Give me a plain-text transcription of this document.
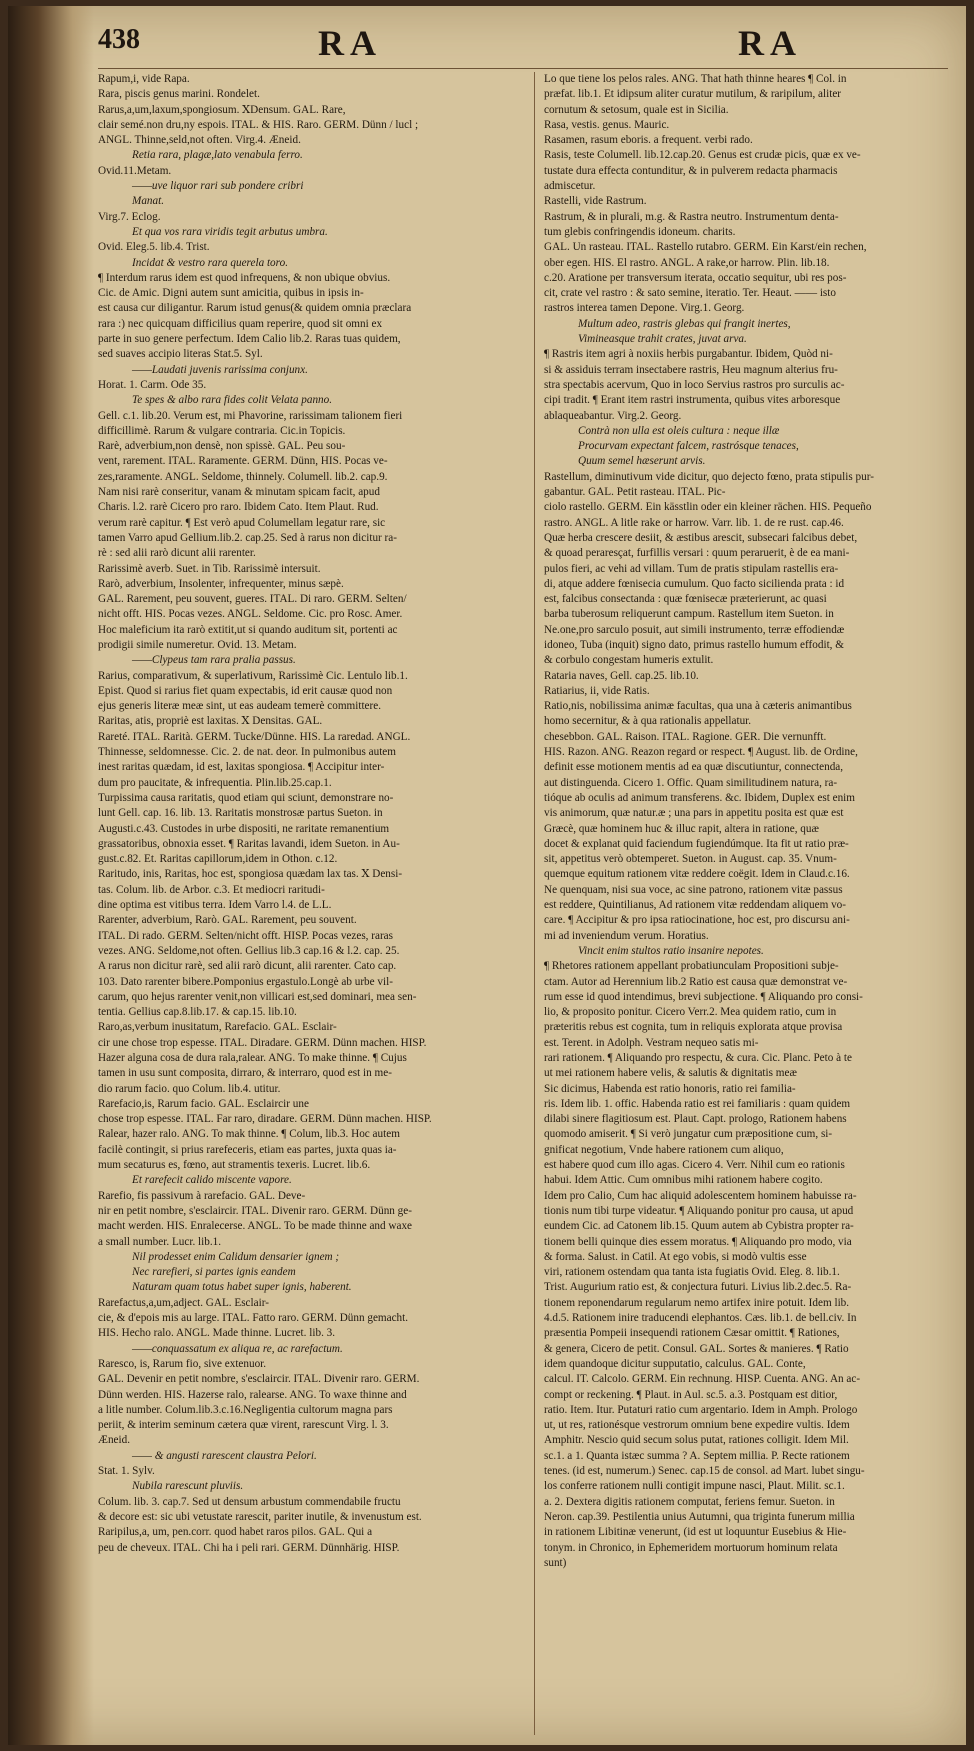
438	RA	RA
Rapum,i, vide Rapa.
Rara, piscis genus marini. Rondelet.
Rarus,a,um,laxum,spongiosum. ⅩDensum. GAL. Rare,
clair semé.non dru,ny espois. ITAL. & HIS. Raro. GERM. Dünn / lucl ;
ANGL. Thinne,seld,not often. Virg.4. Æneid.
Retia rara, plagæ,lato venabula ferro.
Ovid.11.Metam.
——uve liquor rari sub pondere cribri
Manat.
Virg.7. Eclog.
Et qua vos rara viridis tegit arbutus umbra.
Ovid. Eleg.5. lib.4. Trist.
Incidat & vestro rara querela toro.
¶ Interdum rarus idem est quod infrequens, & non ubique obvius.
Cic. de Amic. Digni autem sunt amicitia, quibus in ipsis in-
est causa cur diligantur. Rarum istud genus(& quidem omnia præclara
rara :) nec quicquam difficilius quam reperire, quod sit omni ex
parte in suo genere perfectum. Idem Calio lib.2. Raras tuas quidem,
sed suaves accipio literas Stat.5. Syl.
——Laudati juvenis rarissima conjunx.
Horat. 1. Carm. Ode 35.
Te spes & albo rara fides colit Velata panno.
Gell. c.1. lib.20. Verum est, mi Phavorine, rarissimam talionem fieri
difficillimè. Rarum & vulgare contraria. Cic.in Topicis.
Rarè, adverbium,non densè, non spissè. GAL. Peu sou-
vent, rarement. ITAL. Raramente. GERM. Dünn, HIS. Pocas ve-
zes,raramente. ANGL. Seldome, thinnely. Columell. lib.2. cap.9.
Nam nisi rarè conseritur, vanam & minutam spicam facit, apud
Charis. l.2. rarè Cicero pro raro. Ibidem Cato. Item Plaut. Rud.
verum rarè capitur. ¶ Est verò apud Columellam legatur rare, sic
tamen Varro apud Gellium.lib.2. cap.25. Sed à rarus non dicitur ra-
rè : sed alii rarò dicunt alii rarenter.
Rarissimè averb. Suet. in Tib. Rarissimè intersuit.
Rarò, adverbium, Insolenter, infrequenter, minus sæpè.
GAL. Rarement, peu souvent, gueres. ITAL. Di raro. GERM. Selten/
nicht offt. HIS. Pocas vezes. ANGL. Seldome. Cic. pro Rosc. Amer.
Hoc maleficium ita rarò extitit,ut si quando auditum sit, portenti ac
prodigii simile numeretur. Ovid. 13. Metam.
——Clypeus tam rara pralia passus.
Rarius, comparativum, & superlativum, Rarissimè Cic. Lentulo lib.1.
Epist. Quod si rarius fiet quam expectabis, id erit causæ quod non
ejus generis literæ meæ sint, ut eas audeam temerè committere.
Raritas, atis, propriè est laxitas. Ⅹ Densitas. GAL.
Rareté. ITAL. Rarità. GERM. Tucke/Dünne. HIS. La raredad. ANGL.
Thinnesse, seldomnesse. Cic. 2. de nat. deor. In pulmonibus autem
inest raritas quædam, id est, laxitas spongiosa. ¶ Accipitur inter-
dum pro paucitate, & infrequentia. Plin.lib.25.cap.1.
Turpissima causa raritatis, quod etiam qui sciunt, demonstrare no-
lunt Gell. cap. 16. lib. 13. Raritatis monstrosæ partus Sueton. in
Augusti.c.43. Custodes in urbe dispositi, ne raritate remanentium
grassatoribus, obnoxia esset. ¶ Raritas lavandi, idem Sueton. in Au-
gust.c.82. Et. Raritas capillorum,idem in Othon. c.12.
Raritudo, inis, Raritas, hoc est, spongiosa quædam lax tas. Ⅹ Densi-
tas. Colum. lib. de Arbor. c.3. Et mediocri raritudi-
dine optima est vitibus terra. Idem Varro l.4. de L.L.
Rarenter, adverbium, Rarò. GAL. Rarement, peu souvent.
ITAL. Di rado. GERM. Selten/nicht offt. HISP. Pocas vezes, raras
vezes. ANG. Seldome,not often. Gellius lib.3 cap.16 & l.2. cap. 25.
A rarus non dicitur rarè, sed alii rarò dicunt, alii rarenter. Cato cap.
103. Dato rarenter bibere.Pomponius ergastulo.Longè ab urbe vil-
carum, quo hejus rarenter venit,non villicari est,sed dominari, mea sen-
tentia. Gellius cap.8.lib.17. & cap.15. lib.10.
Raro,as,verbum inusitatum, Rarefacio. GAL. Esclair-
cir une chose trop espesse. ITAL. Diradare. GERM. Dünn machen. HISP.
Hazer alguna cosa de dura rala,ralear. ANG. To make thinne. ¶ Cujus
tamen in usu sunt composita, dirraro, & interraro, quod est in me-
dio rarum facio. quo Colum. lib.4. utitur.
Rarefacio,is, Rarum facio. GAL. Esclaircir une
chose trop espesse. ITAL. Far raro, diradare. GERM. Dünn machen. HISP.
Ralear, hazer ralo. ANG. To mak thinne. ¶ Colum, lib.3. Hoc autem
facilè contingit, si prius rarefeceris, etiam eas partes, juxta quas ia-
mum secaturus es, fœno, aut stramentis texeris. Lucret. lib.6.
Et rarefecit calido miscente vapore.
Rarefio, fis passivum à rarefacio. GAL. Deve-
nir en petit nombre, s'esclaircir. ITAL. Divenir raro. GERM. Dünn ge-
macht werden. HIS. Enralecerse. ANGL. To be made thinne and waxe
a small number. Lucr. lib.1.
Nil prodesset enim Calidum densarier ignem ;
Nec rarefieri, si partes ignis eandem
Naturam quam totus habet super ignis, haberent.
Rarefactus,a,um,adject. GAL. Esclair-
cie, & d'epois mis au large. ITAL. Fatto raro. GERM. Dünn gemacht.
HIS. Hecho ralo. ANGL. Made thinne. Lucret. lib. 3.
——conquassatum ex aliqua re, ac rarefactum.
Raresco, is, Rarum fio, sive extenuor.
GAL. Devenir en petit nombre, s'esclaircir. ITAL. Divenir raro. GERM.
Dünn werden. HIS. Hazerse ralo, ralearse. ANG. To waxe thinne and
a litle number. Colum.lib.3.c.16.Negligentia cultorum magna pars
periit, & interim seminum cætera quæ virent, rarescunt Virg. l. 3.
Æneid.
—— & angusti rarescent claustra Pelori.
Stat. 1. Sylv.
Nubila rarescunt pluviis.
Colum. lib. 3. cap.7. Sed ut densum arbustum commendabile fructu
& decore est: sic ubi vetustate rarescit, pariter inutile, & invenustum est.
Raripilus,a, um, pen.corr. quod habet raros pilos. GAL. Qui a
peu de cheveux. ITAL. Chi ha i peli rari. GERM. Dünnhärig. HISP.
Lo que tiene los pelos rales. ANG. That hath thinne heares ¶ Col. in
præfat. lib.1. Et idipsum aliter curatur mutilum, & raripilum, aliter
cornutum & setosum, quale est in Sicilia.
Rasa, vestis. genus. Mauric.
Rasamen, rasum eboris. a frequent. verbi rado.
Rasis, teste Columell. lib.12.cap.20. Genus est crudæ picis, quæ ex ve-
tustate dura effecta contunditur, & in pulverem redacta pharmacis
admiscetur.
Rastelli, vide Rastrum.
Rastrum, & in plurali, m.g. & Rastra neutro. Instrumentum denta-
tum glebis confringendis idoneum. charits.
GAL. Un rasteau. ITAL. Rastello rutabro. GERM. Ein Karst/ein rechen,
ober egen. HIS. El rastro. ANGL. A rake,or harrow. Plin. lib.18.
c.20. Aratione per transversum iterata, occatio sequitur, ubi res pos-
cit, crate vel rastro : & sato semine, iteratio. Ter. Heaut. —— isto
rastros interea tamen Depone. Virg.1. Georg.
Multum adeo, rastris glebas qui frangit inertes,
Vimineasque trahit crates, juvat arva.
¶ Rastris item agri à noxiis herbis purgabantur. Ibidem, Quòd ni-
si & assiduis terram insectabere rastris, Heu magnum alterius fru-
stra spectabis acervum, Quo in loco Servius rastros pro surculis ac-
cipi tradit. ¶ Erant item rastri instrumenta, quibus vites arboresque
ablaqueabantur. Virg.2. Georg.
Contrà non ulla est oleis cultura : neque illæ
Procurvam expectant falcem, rastrósque tenaces,
Quum semel hæserunt arvis.
Rastellum, diminutivum vide dicitur, quo dejecto fœno, prata stipulis pur-
gabantur. GAL. Petit rasteau. ITAL. Pic-
ciolo rastello. GERM. Ein kässtlin oder ein kleiner rächen. HIS. Pequeño
rastro. ANGL. A litle rake or harrow. Varr. lib. 1. de re rust. cap.46.
Quæ herba crescere desiit, & æstibus arescit, subsecari falcibus debet,
& quoad peraresçat, furfillis versari : quum peraruerit, è de ea mani-
pulos fieri, ac vehi ad villam. Tum de pratis stipulam rastellis era-
di, atque addere fœnisecia cumulum. Quo facto sicilienda prata : id
est, falcibus consectanda : quæ fœnisecæ præterierunt, ac quasi
barba tuberosum reliquerunt campum. Rastellum item Sueton. in
Ne.one,pro sarculo posuit, aut simili instrumento, terræ effodiendæ
idoneo, Tuba (inquit) signo dato, primus rastello humum effodit, &
& corbulo congestam humeris extulit.
Rataria naves, Gell. cap.25. lib.10.
Ratiarius, ii, vide Ratis.
Ratio,nis, nobilissima animæ facultas, qua una à cæteris animantibus
homo secernitur, & à qua rationalis appellatur.
chesebbon. GAL. Raison. ITAL. Ragione. GER. Die vernunfft.
HIS. Razon. ANG. Reazon regard or respect. ¶ August. lib. de Ordine,
definit esse motionem mentis ad ea quæ discutiuntur, connectenda,
aut distinguenda. Cicero 1. Offic. Quam similitudinem natura, ra-
tióque ab oculis ad animum transferens. &c. Ibidem, Duplex est enim
vis animorum, quæ natur.æ ; una pars in appetitu posita est quæ est
Græcè, quæ hominem huc & illuc rapit, altera in ratione, quæ
docet & explanat quid faciendum fugiendúmque. Ita fit ut ratio præ-
sit, appetitus verò obtemperet. Sueton. in August. cap. 35. Vnum-
quemque equitum rationem vitæ reddere coëgit. Idem in Claud.c.16.
Ne quenquam, nisi sua voce, ac sine patrono, rationem vitæ passus
est reddere, Quintilianus, Ad rationem vitæ reddendam aliquem vo-
care. ¶ Accipitur & pro ipsa ratiocinatione, hoc est, pro discursu ani-
mi ad inveniendum verum. Horatius.
Vincit enim stultos ratio insanire nepotes.
¶ Rhetores rationem appellant probatiunculam Propositioni subje-
ctam. Autor ad Herennium lib.2 Ratio est causa quæ demonstrat ve-
rum esse id quod intendimus, brevi subjectione. ¶ Aliquando pro consi-
lio, & proposito ponitur. Cicero Verr.2. Mea quidem ratio, cum in
præteritis rebus est cognita, tum in reliquis explorata atque provisa
est. Terent. in Adolph. Vestram nequeo satis mi-
rari rationem. ¶ Aliquando pro respectu, & cura. Cic. Planc. Peto à te
ut mei rationem habere velis, & salutis & dignitatis meæ
Sic dicimus, Habenda est ratio honoris, ratio rei familia-
ris. Idem lib. 1. offic. Habenda ratio est rei familiaris : quam quidem
dilabi sinere flagitiosum est. Plaut. Capt. prologo, Rationem habens
quomodo amiserit. ¶ Si verò jungatur cum præpositione cum, si-
gnificat negotium, Vnde habere rationem cum aliquo,
est habere quod cum illo agas. Cicero 4. Verr. Nihil cum eo rationis
habui. Idem Attic. Cum omnibus mihi rationem habere cogito.
Idem pro Calio, Cum hac aliquid adolescentem hominem habuisse ra-
tionis num tibi turpe videatur. ¶ Aliquando ponitur pro causa, ut apud
eundem Cic. ad Catonem lib.15. Quum autem ab Cybistra propter ra-
tionem belli quinque dies essem moratus. ¶ Aliquando pro modo, via
& forma. Salust. in Catil. At ego vobis, si modò vultis esse
viri, rationem ostendam qua tanta ista fugiatis Ovid. Eleg. 8. lib.1.
Trist. Augurium ratio est, & conjectura futuri. Livius lib.2.dec.5. Ra-
tionem reponendarum regularum nemo artifex inire potuit. Idem lib.
4.d.5. Rationem inire traducendi elephantos. Cæs. lib.1. de bell.civ. In
præsentia Pompeii insequendi rationem Cæsar omittit. ¶ Rationes,
& genera, Cicero de petit. Consul. GAL. Sortes & manieres. ¶ Ratio
idem quandoque dicitur supputatio, calculus. GAL. Conte,
calcul. IT. Calcolo. GERM. Ein rechnung. HISP. Cuenta. ANG. An ac-
compt or reckening. ¶ Plaut. in Aul. sc.5. a.3. Postquam est ditior,
ratio. Item. Itur. Putaturi ratio cum argentario. Idem in Amph. Prologo
ut, ut res, rationésque vestrorum omnium bene expedire vultis. Idem
Amphitr. Nescio quid secum solus putat, rationes colligit. Idem Mil.
sc.1. a 1. Quanta istæc summa ? A. Septem millia. P. Recte rationem
tenes. (id est, numerum.) Senec. cap.15 de consol. ad Mart. lubet singu-
los conferre rationem nulli contigit impune nasci, Plaut. Milit. sc.1.
a. 2. Dextera digitis rationem computat, feriens femur. Sueton. in
Neron. cap.39. Pestilentia unius Autumni, qua triginta funerum millia
in rationem Libitinæ venerunt, (id est ut loquuntur Eusebius & Hie-
tonym. in Chronico, in Ephemeridem mortuorum hominum relata
sunt)
